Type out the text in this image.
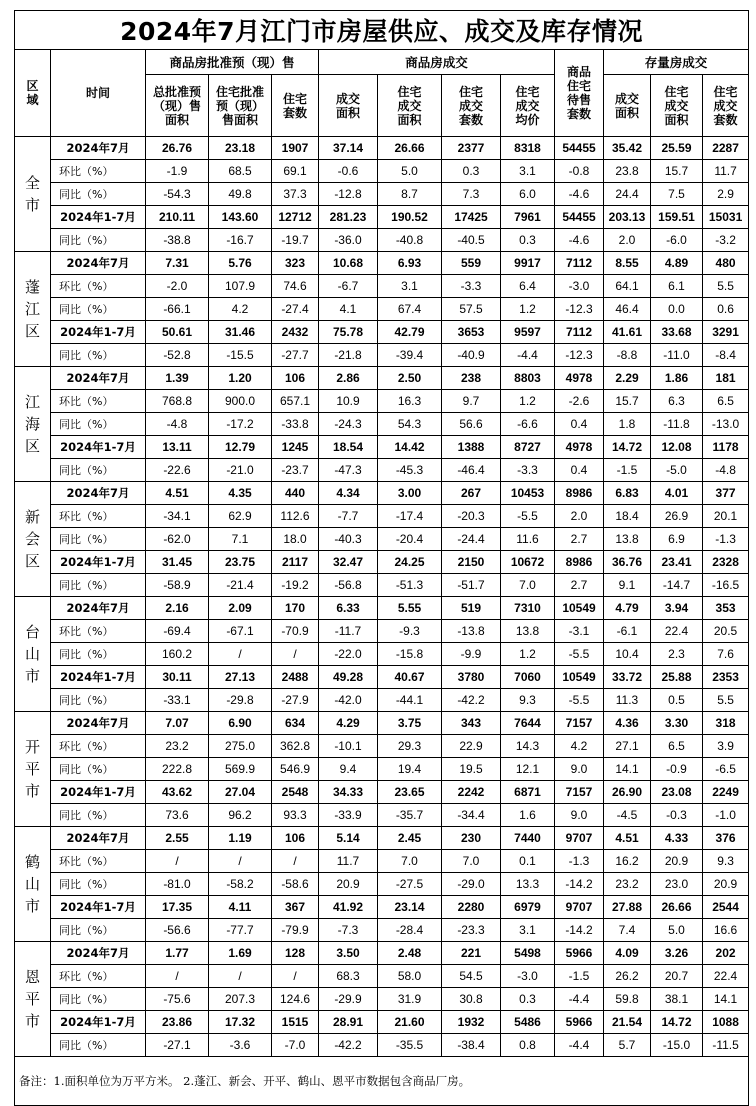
2024年7月江门市房屋供应、成交及库存情况												
区域	时间	商品房批准预（现）售			商品房成交				商品住宅待售套数	存量房成交		
		总批准预（现）售面积	住宅批准预（现）售面积	住宅套数	成交面积	住宅成交面积	住宅成交套数	住宅成交均价		成交面积	住宅成交面积	住宅成交套数
全市	2024年7月	26.76	23.18	1907	37.14	26.66	2377	8318	54455	35.42	25.59	2287
	环比（%）	-1.9	68.5	69.1	-0.6	5.0	0.3	3.1	-0.8	23.8	15.7	11.7
	同比（%）	-54.3	49.8	37.3	-12.8	8.7	7.3	6.0	-4.6	24.4	7.5	2.9
	2024年1-7月	210.11	143.60	12712	281.23	190.52	17425	7961	54455	203.13	159.51	15031
	同比（%）	-38.8	-16.7	-19.7	-36.0	-40.8	-40.5	0.3	-4.6	2.0	-6.0	-3.2
蓬江区	2024年7月	7.31	5.76	323	10.68	6.93	559	9917	7112	8.55	4.89	480
	环比（%）	-2.0	107.9	74.6	-6.7	3.1	-3.3	6.4	-3.0	64.1	6.1	5.5
	同比（%）	-66.1	4.2	-27.4	4.1	67.4	57.5	1.2	-12.3	46.4	0.0	0.6
	2024年1-7月	50.61	31.46	2432	75.78	42.79	3653	9597	7112	41.61	33.68	3291
	同比（%）	-52.8	-15.5	-27.7	-21.8	-39.4	-40.9	-4.4	-12.3	-8.8	-11.0	-8.4
江海区	2024年7月	1.39	1.20	106	2.86	2.50	238	8803	4978	2.29	1.86	181
	环比（%）	768.8	900.0	657.1	10.9	16.3	9.7	1.2	-2.6	15.7	6.3	6.5
	同比（%）	-4.8	-17.2	-33.8	-24.3	54.3	56.6	-6.6	0.4	1.8	-11.8	-13.0
	2024年1-7月	13.11	12.79	1245	18.54	14.42	1388	8727	4978	14.72	12.08	1178
	同比（%）	-22.6	-21.0	-23.7	-47.3	-45.3	-46.4	-3.3	0.4	-1.5	-5.0	-4.8
新会区	2024年7月	4.51	4.35	440	4.34	3.00	267	10453	8986	6.83	4.01	377
	环比（%）	-34.1	62.9	112.6	-7.7	-17.4	-20.3	-5.5	2.0	18.4	26.9	20.1
	同比（%）	-62.0	7.1	18.0	-40.3	-20.4	-24.4	11.6	2.7	13.8	6.9	-1.3
	2024年1-7月	31.45	23.75	2117	32.47	24.25	2150	10672	8986	36.76	23.41	2328
	同比（%）	-58.9	-21.4	-19.2	-56.8	-51.3	-51.7	7.0	2.7	9.1	-14.7	-16.5
台山市	2024年7月	2.16	2.09	170	6.33	5.55	519	7310	10549	4.79	3.94	353
	环比（%）	-69.4	-67.1	-70.9	-11.7	-9.3	-13.8	13.8	-3.1	-6.1	22.4	20.5
	同比（%）	160.2	/	/	-22.0	-15.8	-9.9	1.2	-5.5	10.4	2.3	7.6
	2024年1-7月	30.11	27.13	2488	49.28	40.67	3780	7060	10549	33.72	25.88	2353
	同比（%）	-33.1	-29.8	-27.9	-42.0	-44.1	-42.2	9.3	-5.5	11.3	0.5	5.5
开平市	2024年7月	7.07	6.90	634	4.29	3.75	343	7644	7157	4.36	3.30	318
	环比（%）	23.2	275.0	362.8	-10.1	29.3	22.9	14.3	4.2	27.1	6.5	3.9
	同比（%）	222.8	569.9	546.9	9.4	19.4	19.5	12.1	9.0	14.1	-0.9	-6.5
	2024年1-7月	43.62	27.04	2548	34.33	23.65	2242	6871	7157	26.90	23.08	2249
	同比（%）	73.6	96.2	93.3	-33.9	-35.7	-34.4	1.6	9.0	-4.5	-0.3	-1.0
鹤山市	2024年7月	2.55	1.19	106	5.14	2.45	230	7440	9707	4.51	4.33	376
	环比（%）	/	/	/	11.7	7.0	7.0	0.1	-1.3	16.2	20.9	9.3
	同比（%）	-81.0	-58.2	-58.6	20.9	-27.5	-29.0	13.3	-14.2	23.2	23.0	20.9
	2024年1-7月	17.35	4.11	367	41.92	23.14	2280	6979	9707	27.88	26.66	2544
	同比（%）	-56.6	-77.7	-79.9	-7.3	-28.4	-23.3	3.1	-14.2	7.4	5.0	16.6
恩平市	2024年7月	1.77	1.69	128	3.50	2.48	221	5498	5966	4.09	3.26	202
	环比（%）	/	/	/	68.3	58.0	54.5	-3.0	-1.5	26.2	20.7	22.4
	同比（%）	-75.6	207.3	124.6	-29.9	31.9	30.8	0.3	-4.4	59.8	38.1	14.1
	2024年1-7月	23.86	17.32	1515	28.91	21.60	1932	5486	5966	21.54	14.72	1088
	同比（%）	-27.1	-3.6	-7.0	-42.2	-35.5	-38.4	0.8	-4.4	5.7	-15.0	-11.5
备注：1.面积单位为万平方米。 2.蓬江、新会、开平、鹤山、恩平市数据包含商品厂房。												
